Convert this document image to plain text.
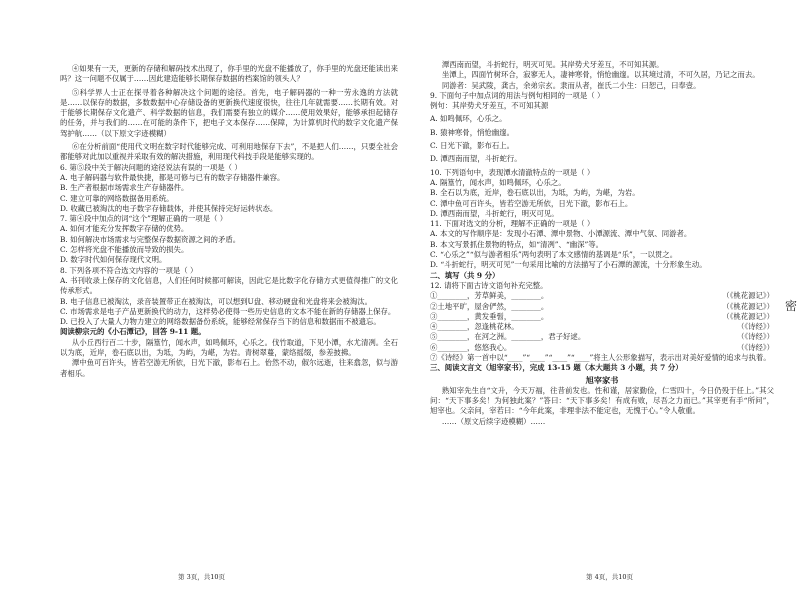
④如果有一天，更新的存储和解码技术出现了，你手里的光盘不能播放了，你手里的光盘还能读出来吗？这一问题不仅属于……因此建造能够长期保存数据的档案馆的领头人？

⑤科学界人士正在探寻着各种解决这个问题的途径。首先，电子解码器的一种一劳永逸的方法就是……以保存的数据，多数数据中心存储设备的更新换代速度很快，往往几年就需要……长期有效。对于能够长期保存文化遗产、科学数据的信息，我们需要有独立的媒介……使用效果好，能够承担起储存的任务，并与我们的……在可能的条件下，把电子文本保存……保障，为计算机时代的数字文化遗产保驾护航……（以下原文字迹模糊）

⑥在分析前面“使用代文明在数字时代能够完成、可利用地保存下去”，不是把人们……，只要全社会都能够对此加以重视并采取有效的解决措施，利用现代科技手段是能够实现的。

6. 第⑤段中关于解决问题的途径说法有误的一项是（ ）

A. 电子解码器与软件最快捷，都是可修与已有的数字存储器件兼容。

B. 生产者根据市场需求生产存储器件。

C. 建立可靠的网络数据备用系统。

D. 收藏已被淘汰的电子数字存储载体，并使其保持完好运转状态。

7. 第④段中加点的词“这个”理解正确的一项是（ ）

A. 如何才能充分发挥数字存储的优势。

B. 如何解决市场需求与完整保存数据资源之间的矛盾。

C. 怎样将光盘不能播放而导致的损失。

D. 数字时代如何保存现代文明。

8. 下列各项不符合选文内容的一项是（ ）

A. 书刊收录上保存的文化信息，人们任何时候都可解读，因此它是比数字化存储方式更值得推广的文化传承形式。

B. 电子信息已被淘汰，录音装置带正在被淘汰，可以想到U盘、移动硬盘和光盘将来会被淘汰。

C. 市场需求是电子产品更新换代的动力，这样势必使得一些历史信息的文本不能在新的存储器上保存。

D. 已投入了大量人力物力建立的网络数据备份系统，能够经常保存当下的信息和数据而不被遗忘。

阅读柳宗元的《小石潭记》，回答 9-11 题。

从小丘西行百二十步，隔篁竹，闻水声，如鸣佩环，心乐之。伐竹取道，下见小潭，水尤清冽。全石以为底，近岸，卷石底以出，为坻，为屿，为嵁，为岩。青树翠蔓，蒙络摇缀，参差披拂。

潭中鱼可百许头，皆若空游无所依，日光下澈，影布石上。佁然不动，俶尔远逝，往来翕忽，似与游者相乐。

第 3页，共10页

潭西南而望，斗折蛇行，明灭可见。其岸势犬牙差互，不可知其源。

坐潭上，四面竹树环合，寂寥无人，凄神寒骨，悄怆幽邃。以其境过清，不可久居，乃记之而去。

同游者：吴武陵，龚古，余弟宗玄。隶而从者，崔氏二小生：曰恕己，曰奉壹。

9. 下面句子中加点词的用法与例句相同的一项是（ ）

例句：其岸势犬牙差互，不可知其源

A. 如鸣佩环，心乐之。

B. 猿神寒骨，悄怆幽邃。

C. 日光下澈，影布石上。

D. 潭西南而望，斗折蛇行。

10. 下列语句中，表现潭水清澈特点的一项是（ ）

A. 隔篁竹，闻水声，如鸣佩环，心乐之。

B. 全石以为底，近岸，卷石底以出，为坻，为屿，为嵁，为岩。

C. 潭中鱼可百许头，皆若空游无所依，日光下澈，影布石上。

D. 潭西南而望，斗折蛇行，明灭可见。

11. 下面对选文的分析，理解不正确的一项是（ ）

A. 本文的写作顺序是：发现小石潭、潭中景物、小潭源流、潭中气氛、同游者。

B. 本文写景抓住景物的特点，如“清冽”、“幽深”等。

C. “心乐之”“似与游者相乐”两句表明了本文感情的基调是“乐”，一以贯之。

D. “斗折蛇行，明灭可见”一句采用比喻的方法描写了小石潭的源流，十分形象生动。

二、填写（共 9 分）

12. 请将下面古诗文语句补充完整。

①________，芳草鲜美，________。	（《桃花源记》）
②土地平旷，屋舍俨然，________。	（《桃花源记》）
③________，黄发垂髫，________。	（《桃花源记》）
④________，忽逢桃花林。	（《诗经》）
⑤________，在河之洲。________，君子好逑。	（《诗经》）
⑥________，悠悠我心。	（《诗经》）

⑦《诗经》第一首中以“____”“____”“____”“____”将主人公形象描写，表示出对美好爱情的追求与执着。

三、阅读文言文（旭宰家书），完成 13-15 题（本大题共 3 小题，共 7 分）

旭宰家书

熟知宰先生自“文升，今天万福，往昔前发也。性和谨，居家勤俭，仁雪四十，今日仍殁于任上。”其父问：“天下事多矣！为何独此案？”答曰：“天下事多矣！有成有败，尽吾之力而已。”其宰更有手“所问”，旭宰也。父亲问，宰若曰：“今年此案，非理非法不能定也，无愧于心。”令人敬重。

……（原文后续字迹模糊）……

第 4页，共10页
密
